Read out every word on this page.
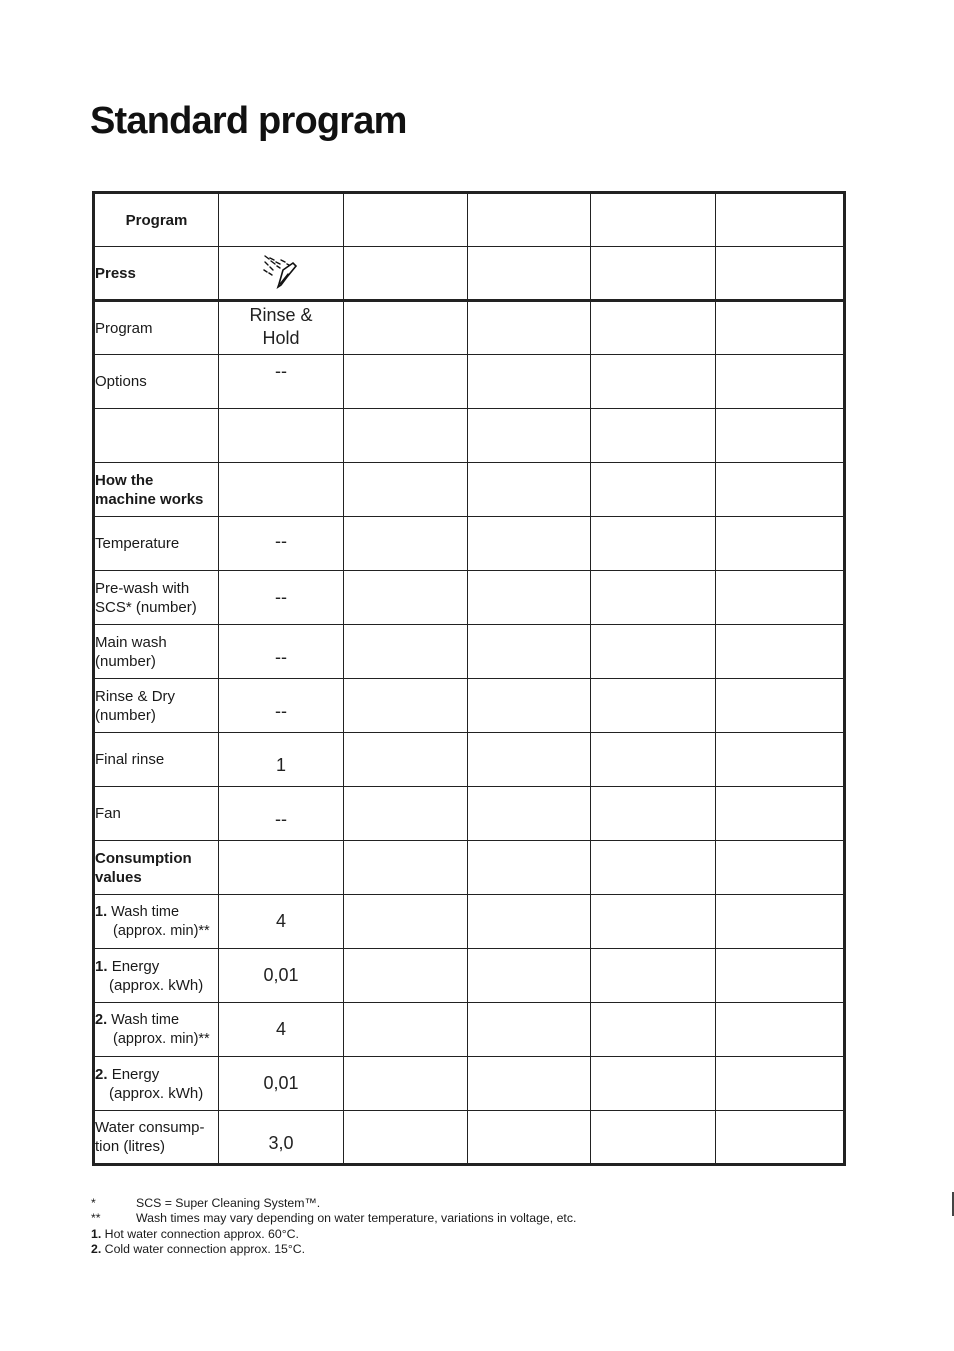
Standard program
Program					
Press	

Program	Rinse &
Hold				
Options	--				

How the machine works					
Temperature	--				
Pre-wash with
SCS* (number)	--				
Main wash
(number)	--				
Rinse & Dry
(number)	--				
Final rinse	1				
Fan	--				
Consumption values					
1. Wash time
(approx. min)**	4				
1. Energy
(approx. kWh)	0,01				
2. Wash time
(approx. min)**	4				
2. Energy
(approx. kWh)	0,01				
Water consump-
tion (litres)	3,0				
*	SCS = Super Cleaning System™.
**	Wash times may vary depending on water temperature, variations in voltage, etc.
1. Hot water connection approx. 60°C.
2. Cold water connection approx. 15°C.
